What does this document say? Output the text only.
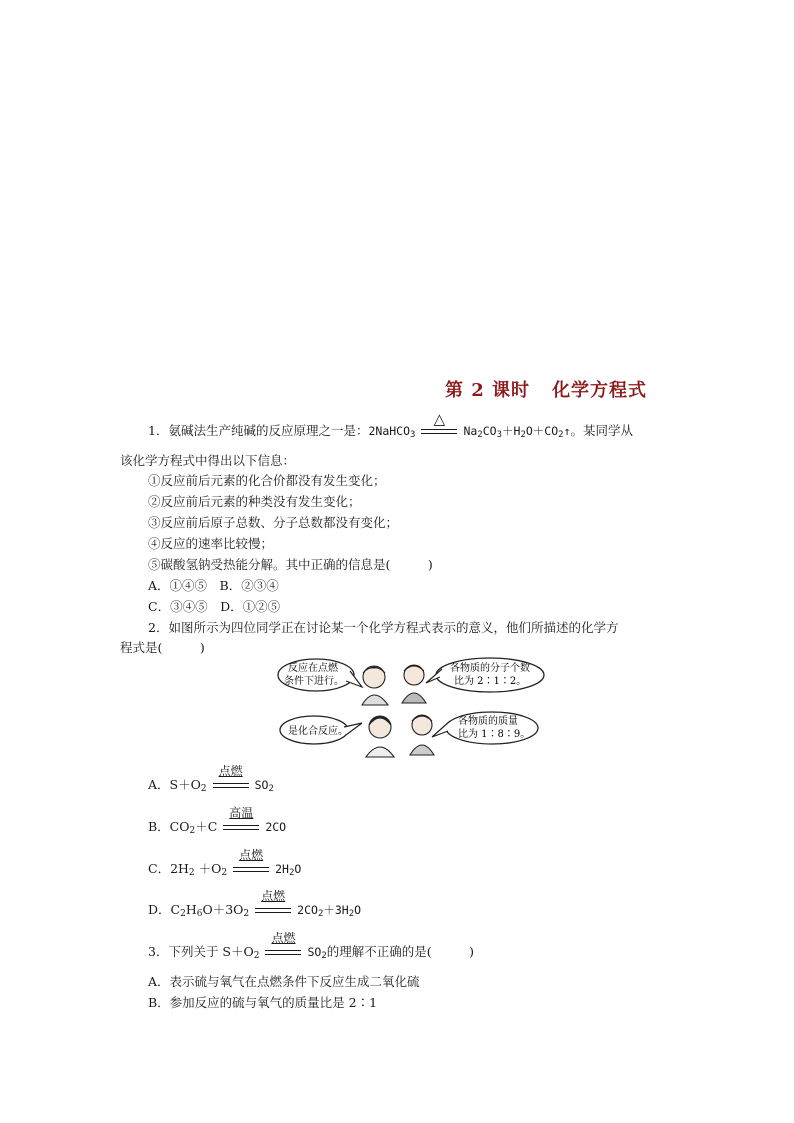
第 2 课时 化学方程式
1．氨碱法生产纯碱的反应原理之一是：2NaHCO$_3$
△
$Na_2CO_3+H_2O+CO_2↑$。某同学从
该化学方程式中得出以下信息：
①反应前后元素的化合价都没有发生变化；
②反应前后元素的种类没有发生变化；
③反应前后原子总数、分子总数都没有变化；
④反应的速率比较慢；
⑤碳酸氢钠受热能分解。其中正确的信息是(　　　)
A．①④⑤　B．②③④
C．③④⑤　D．①②⑤
2．如图所示为四位同学正在讨论某一个化学方程式表示的意义，他们所描述的化学方
程式是(　　　)
反应在点燃
条件下进行。
各物质的分子个数
比为 2∶1∶2。
是化合反应。
各物质的质量
比为 1∶8∶9。
A．$S+O_2$
点燃
$SO_2$
B．$CO_2+C$
高温
2CO
C．$2H_2 +O_2$
点燃
$2H_2O$
D．$C_2H_6O+3O_2$
点燃
$2CO_2+3H_2O$
3．下列关于 $S+O_2$
点燃
$SO_2$的理解不正确的是(　　　)
A．表示硫与氧气在点燃条件下反应生成二氧化硫
B．参加反应的硫与氧气的质量比是 2∶1
